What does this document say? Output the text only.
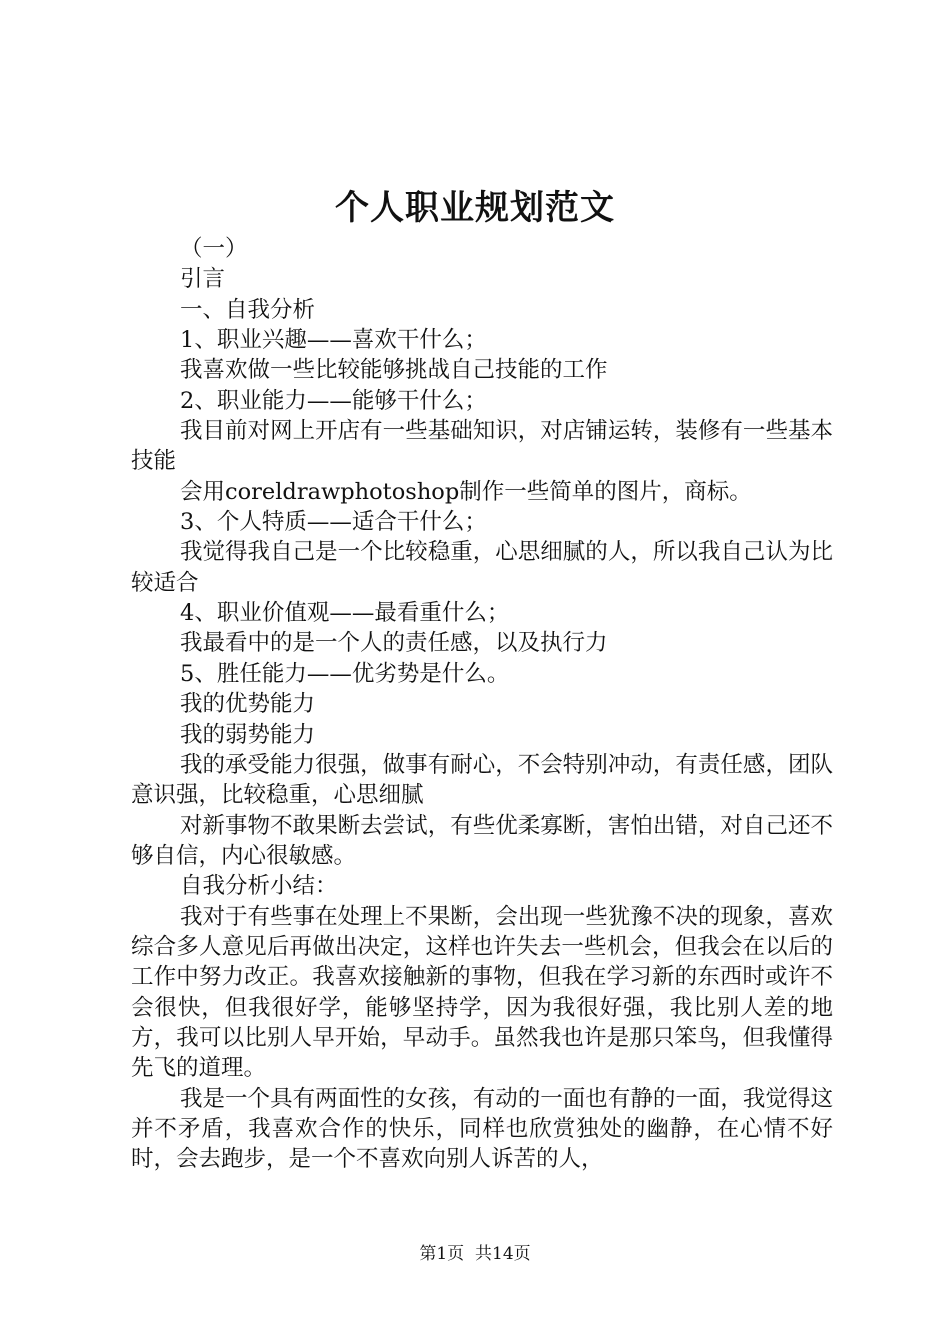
个人职业规划范文

（一）

引言

一、自我分析

1、职业兴趣——喜欢干什么；

我喜欢做一些比较能够挑战自己技能的工作

2、职业能力——能够干什么；

我目前对网上开店有一些基础知识，对店铺运转，装修有一些基本技能

会用coreldrawphotoshop制作一些简单的图片，商标。

3、个人特质——适合干什么；

我觉得我自己是一个比较稳重，心思细腻的人，所以我自己认为比较适合

4、职业价值观——最看重什么；

我最看中的是一个人的责任感，以及执行力

5、胜任能力——优劣势是什么。

我的优势能力

我的弱势能力

我的承受能力很强，做事有耐心，不会特别冲动，有责任感，团队意识强，比较稳重，心思细腻

对新事物不敢果断去尝试，有些优柔寡断，害怕出错，对自己还不够自信，内心很敏感。

自我分析小结：

我对于有些事在处理上不果断，会出现一些犹豫不决的现象，喜欢综合多人意见后再做出决定，这样也许失去一些机会，但我会在以后的工作中努力改正。我喜欢接触新的事物，但我在学习新的东西时或许不会很快，但我很好学，能够坚持学，因为我很好强，我比别人差的地方，我可以比别人早开始，早动手。虽然我也许是那只笨鸟，但我懂得先飞的道理。

我是一个具有两面性的女孩，有动的一面也有静的一面，我觉得这并不矛盾，我喜欢合作的快乐，同样也欣赏独处的幽静，在心情不好时，会去跑步，是一个不喜欢向别人诉苦的人，

第1页 共14页
